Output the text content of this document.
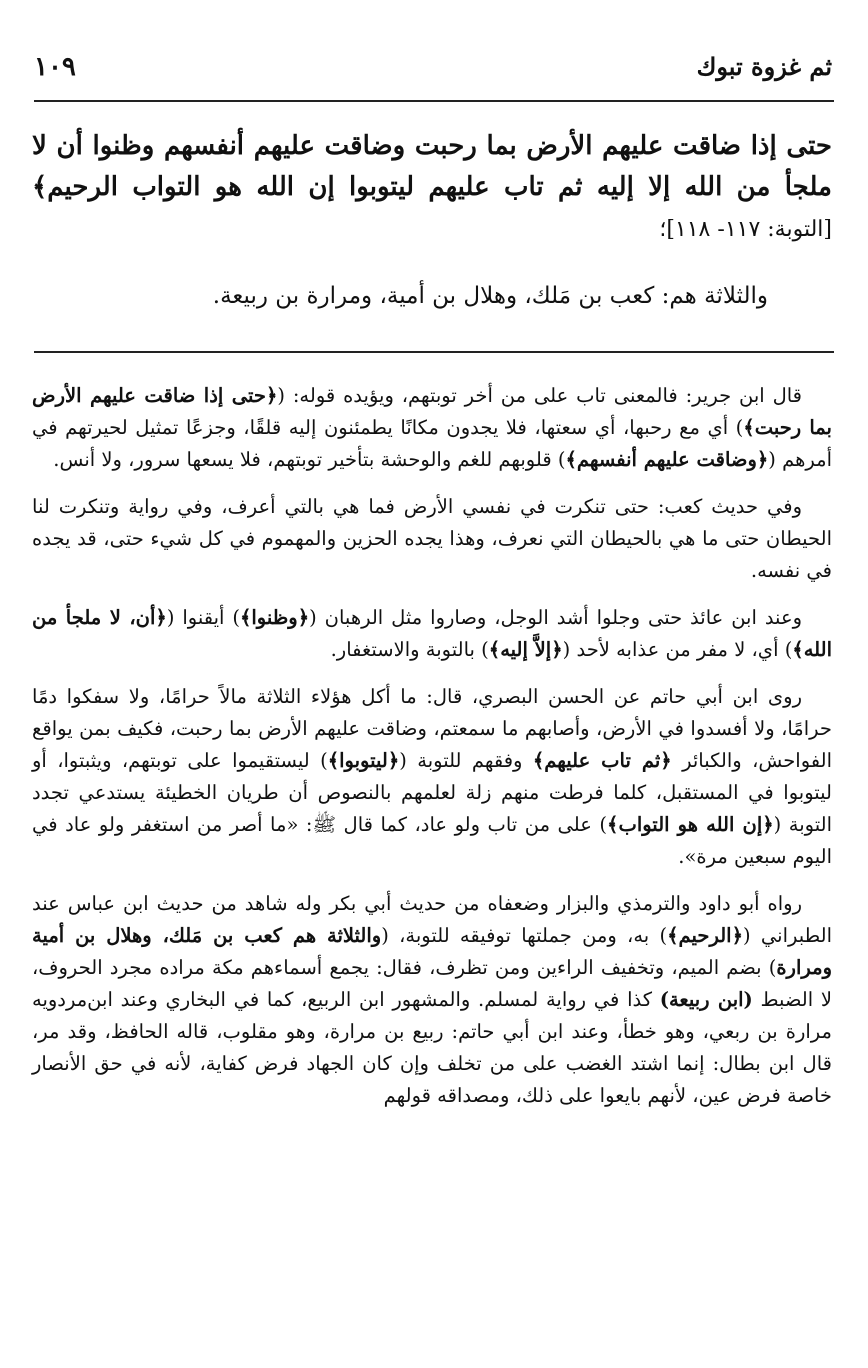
ثم غزوة تبوك
١٠٩
حتى إذا ضاقت عليهم الأرض بما رحبت وضاقت عليهم أنفسهم وظنوا أن لا ملجأ من الله إلا إليه ثم تاب عليهم ليتوبوا إن الله هو التواب الرحيم﴾ [التوبة: ١١٧- ١١٨]؛
والثلاثة هم: كعب بن مَلك، وهلال بن أمية، ومرارة بن ربيعة.

قال ابن جرير: فالمعنى تاب على من أخر توبتهم، ويؤيده قوله: (﴿حتى إذا ضاقت عليهم الأرض بما رحبت﴾) أي مع رحبها، أي سعتها، فلا يجدون مكانًا يطمئنون إليه قلقًا، وجزعًا تمثيل لحيرتهم في أمرهم (﴿وضاقت عليهم أنفسهم﴾) قلوبهم للغم والوحشة بتأخير توبتهم، فلا يسعها سرور، ولا أنس.

وفي حديث كعب: حتى تنكرت في نفسي الأرض فما هي بالتي أعرف، وفي رواية وتنكرت لنا الحيطان حتى ما هي بالحيطان التي نعرف، وهذا يجده الحزين والمهموم في كل شيء حتى، قد يجده في نفسه.

وعند ابن عائذ حتى وجلوا أشد الوجل، وصاروا مثل الرهبان (﴿وظنوا﴾) أيقنوا (﴿أن، لا ملجأ من الله﴾) أي، لا مفر من عذابه لأحد (﴿إلاَّ إليه﴾) بالتوبة والاستغفار.

روى ابن أبي حاتم عن الحسن البصري، قال: ما أكل هؤلاء الثلاثة مالاً حرامًا، ولا سفكوا دمًا حرامًا، ولا أفسدوا في الأرض، وأصابهم ما سمعتم، وضاقت عليهم الأرض بما رحبت، فكيف بمن يواقع الفواحش، والكبائر ﴿ثم تاب عليهم﴾ وفقهم للتوبة (﴿ليتوبوا﴾) ليستقيموا على توبتهم، ويثبتوا، أو ليتوبوا في المستقبل، كلما فرطت منهم زلة لعلمهم بالنصوص أن طريان الخطيئة يستدعي تجدد التوبة (﴿إن الله هو التواب﴾) على من تاب ولو عاد، كما قال ﷺ: «ما أصر من استغفر ولو عاد في اليوم سبعين مرة».

رواه أبو داود والترمذي والبزار وضعفاه من حديث أبي بكر وله شاهد من حديث ابن عباس عند الطبراني (﴿الرحيم﴾) به، ومن جملتها توفيقه للتوبة، (والثلاثة هم كعب بن مَلك، وهلال بن أمية ومرارة) بضم الميم، وتخفيف الراءين ومن تظرف، فقال: يجمع أسماءهم مكة مراده مجرد الحروف، لا الضبط (ابن ربيعة) كذا في رواية لمسلم. والمشهور ابن الربيع، كما في البخاري وعند ابن‌مردويه مرارة بن ربعي، وهو خطأ، وعند ابن أبي حاتم: ربيع بن مرارة، وهو مقلوب، قاله الحافظ، وقد مر، قال ابن بطال: إنما اشتد الغضب على من تخلف وإن كان الجهاد فرض كفاية، لأنه في حق الأنصار خاصة فرض عين، لأنهم بايعوا على ذلك، ومصداقه قولهم
